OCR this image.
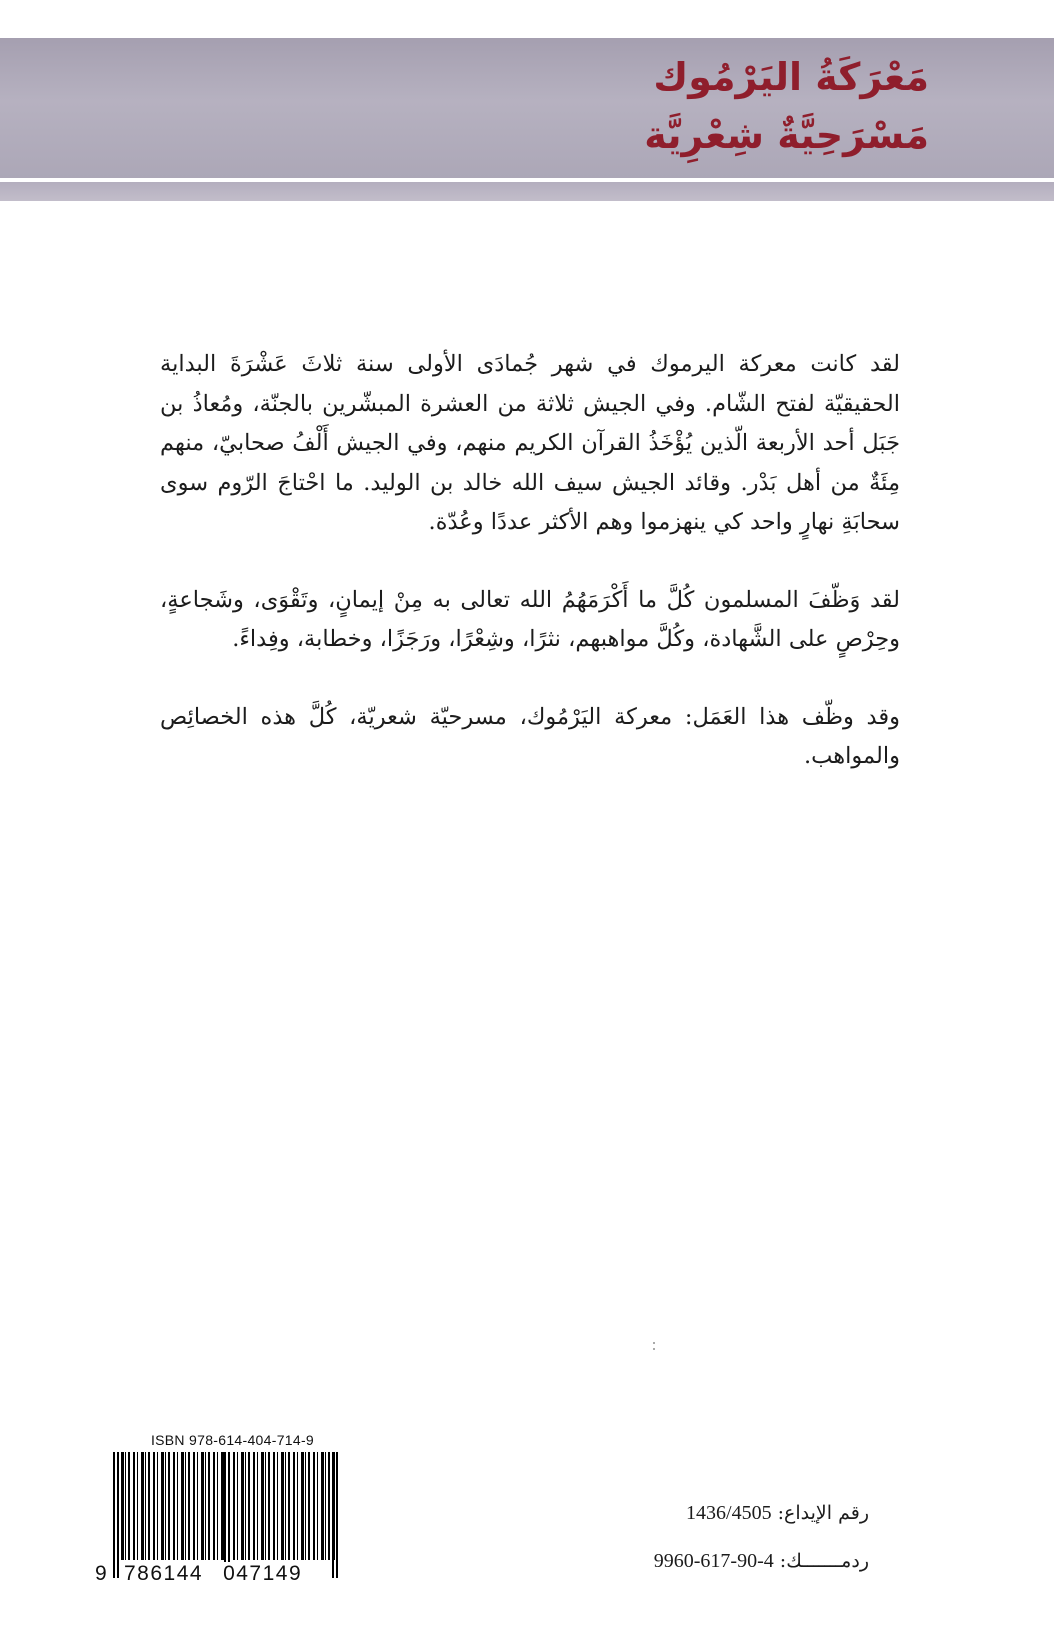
مَعْرَكَةُ اليَرْمُوك
مَسْرَحِيَّةٌ شِعْرِيَّة

لقد كانت معركة اليرموك في شهر جُمادَى الأولى سنة ثلاثَ عَشْرَةَ البداية الحقيقيّة لفتح الشّام. وفي الجيش ثلاثة من العشرة المبشّرين بالجنّة، ومُعاذُ بن جَبَل أحد الأربعة الّذين يُؤْخَذُ القرآن الكريم منهم، وفي الجيش أَلْفُ صحابيّ، منهم مِئَةٌ من أهل بَدْر. وقائد الجيش سيف الله خالد بن الوليد. ما احْتاجَ الرّوم سوى سحابَةِ نهارٍ واحد كي ينهزموا وهم الأكثر عددًا وعُدّة.

لقد وَظّفَ المسلمون كُلَّ ما أَكْرَمَهُمُ الله تعالى به مِنْ إيمانٍ، وتَقْوَى، وشَجاعةٍ، وحِرْصٍ على الشَّهادة، وكُلَّ مواهبهم، نثرًا، وشِعْرًا، ورَجَزًا، وخطابة، وفِداءً.

وقد وظّف هذا العَمَل: معركة اليَرْمُوك، مسرحيّة شعريّة، كُلَّ هذه الخصائِص والمواهب.

ISBN 978-614-404-714-9
9 786144 047149
رقم الإيداع: 1436/4505
ردمـــــــك: 9960-617-90-4
